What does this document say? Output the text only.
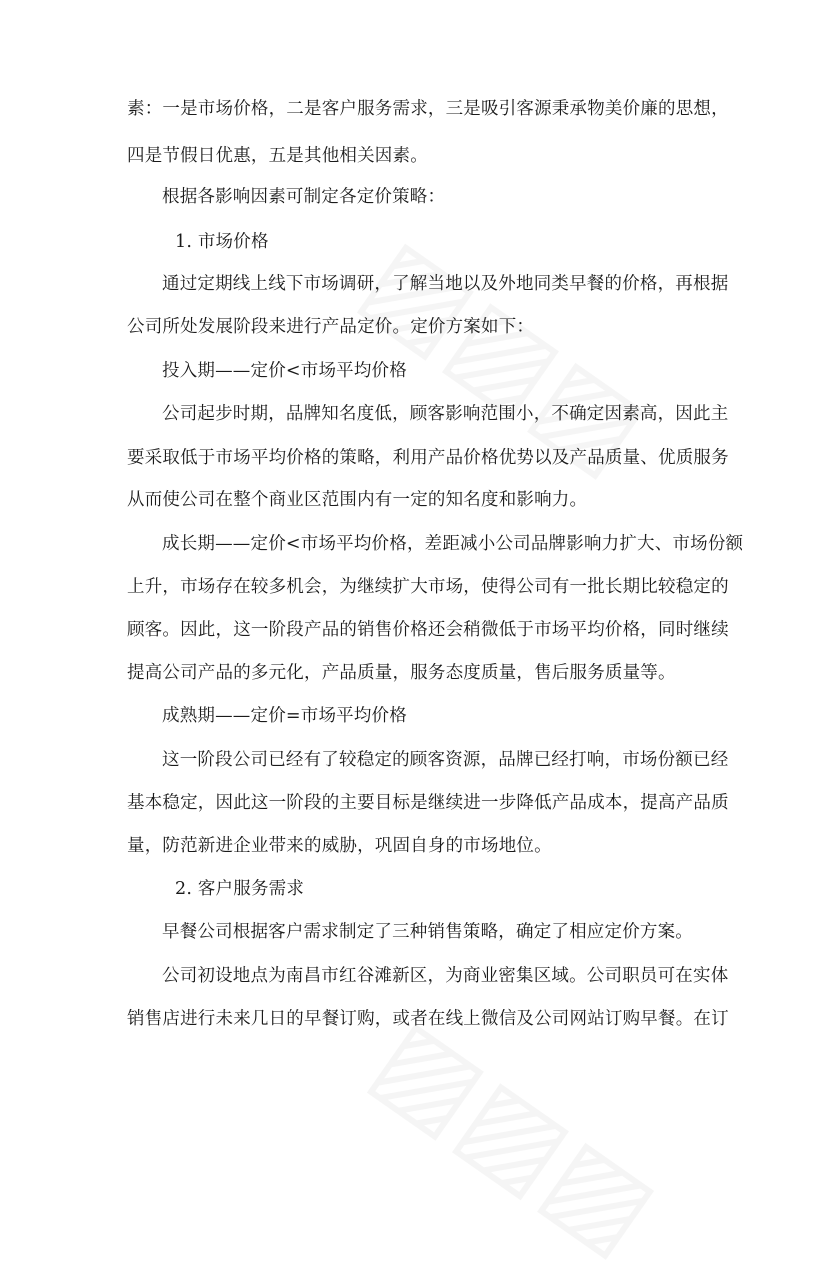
素：一是市场价格，二是客户服务需求，三是吸引客源秉承物美价廉的思想，
四是节假日优惠，五是其他相关因素。
根据各影响因素可制定各定价策略：
1. 市场价格
通过定期线上线下市场调研，了解当地以及外地同类早餐的价格，再根据
公司所处发展阶段来进行产品定价。定价方案如下：
投入期——定价<市场平均价格
公司起步时期，品牌知名度低，顾客影响范围小，不确定因素高，因此主
要采取低于市场平均价格的策略，利用产品价格优势以及产品质量、优质服务
从而使公司在整个商业区范围内有一定的知名度和影响力。
成长期——定价<市场平均价格，差距减小公司品牌影响力扩大、市场份额
上升，市场存在较多机会，为继续扩大市场，使得公司有一批长期比较稳定的
顾客。因此，这一阶段产品的销售价格还会稍微低于市场平均价格，同时继续
提高公司产品的多元化，产品质量，服务态度质量，售后服务质量等。
成熟期——定价=市场平均价格
这一阶段公司已经有了较稳定的顾客资源，品牌已经打响，市场份额已经
基本稳定，因此这一阶段的主要目标是继续进一步降低产品成本，提高产品质
量，防范新进企业带来的威胁，巩固自身的市场地位。
2. 客户服务需求
早餐公司根据客户需求制定了三种销售策略，确定了相应定价方案。
公司初设地点为南昌市红谷滩新区，为商业密集区域。公司职员可在实体
销售店进行未来几日的早餐订购，或者在线上微信及公司网站订购早餐。在订
